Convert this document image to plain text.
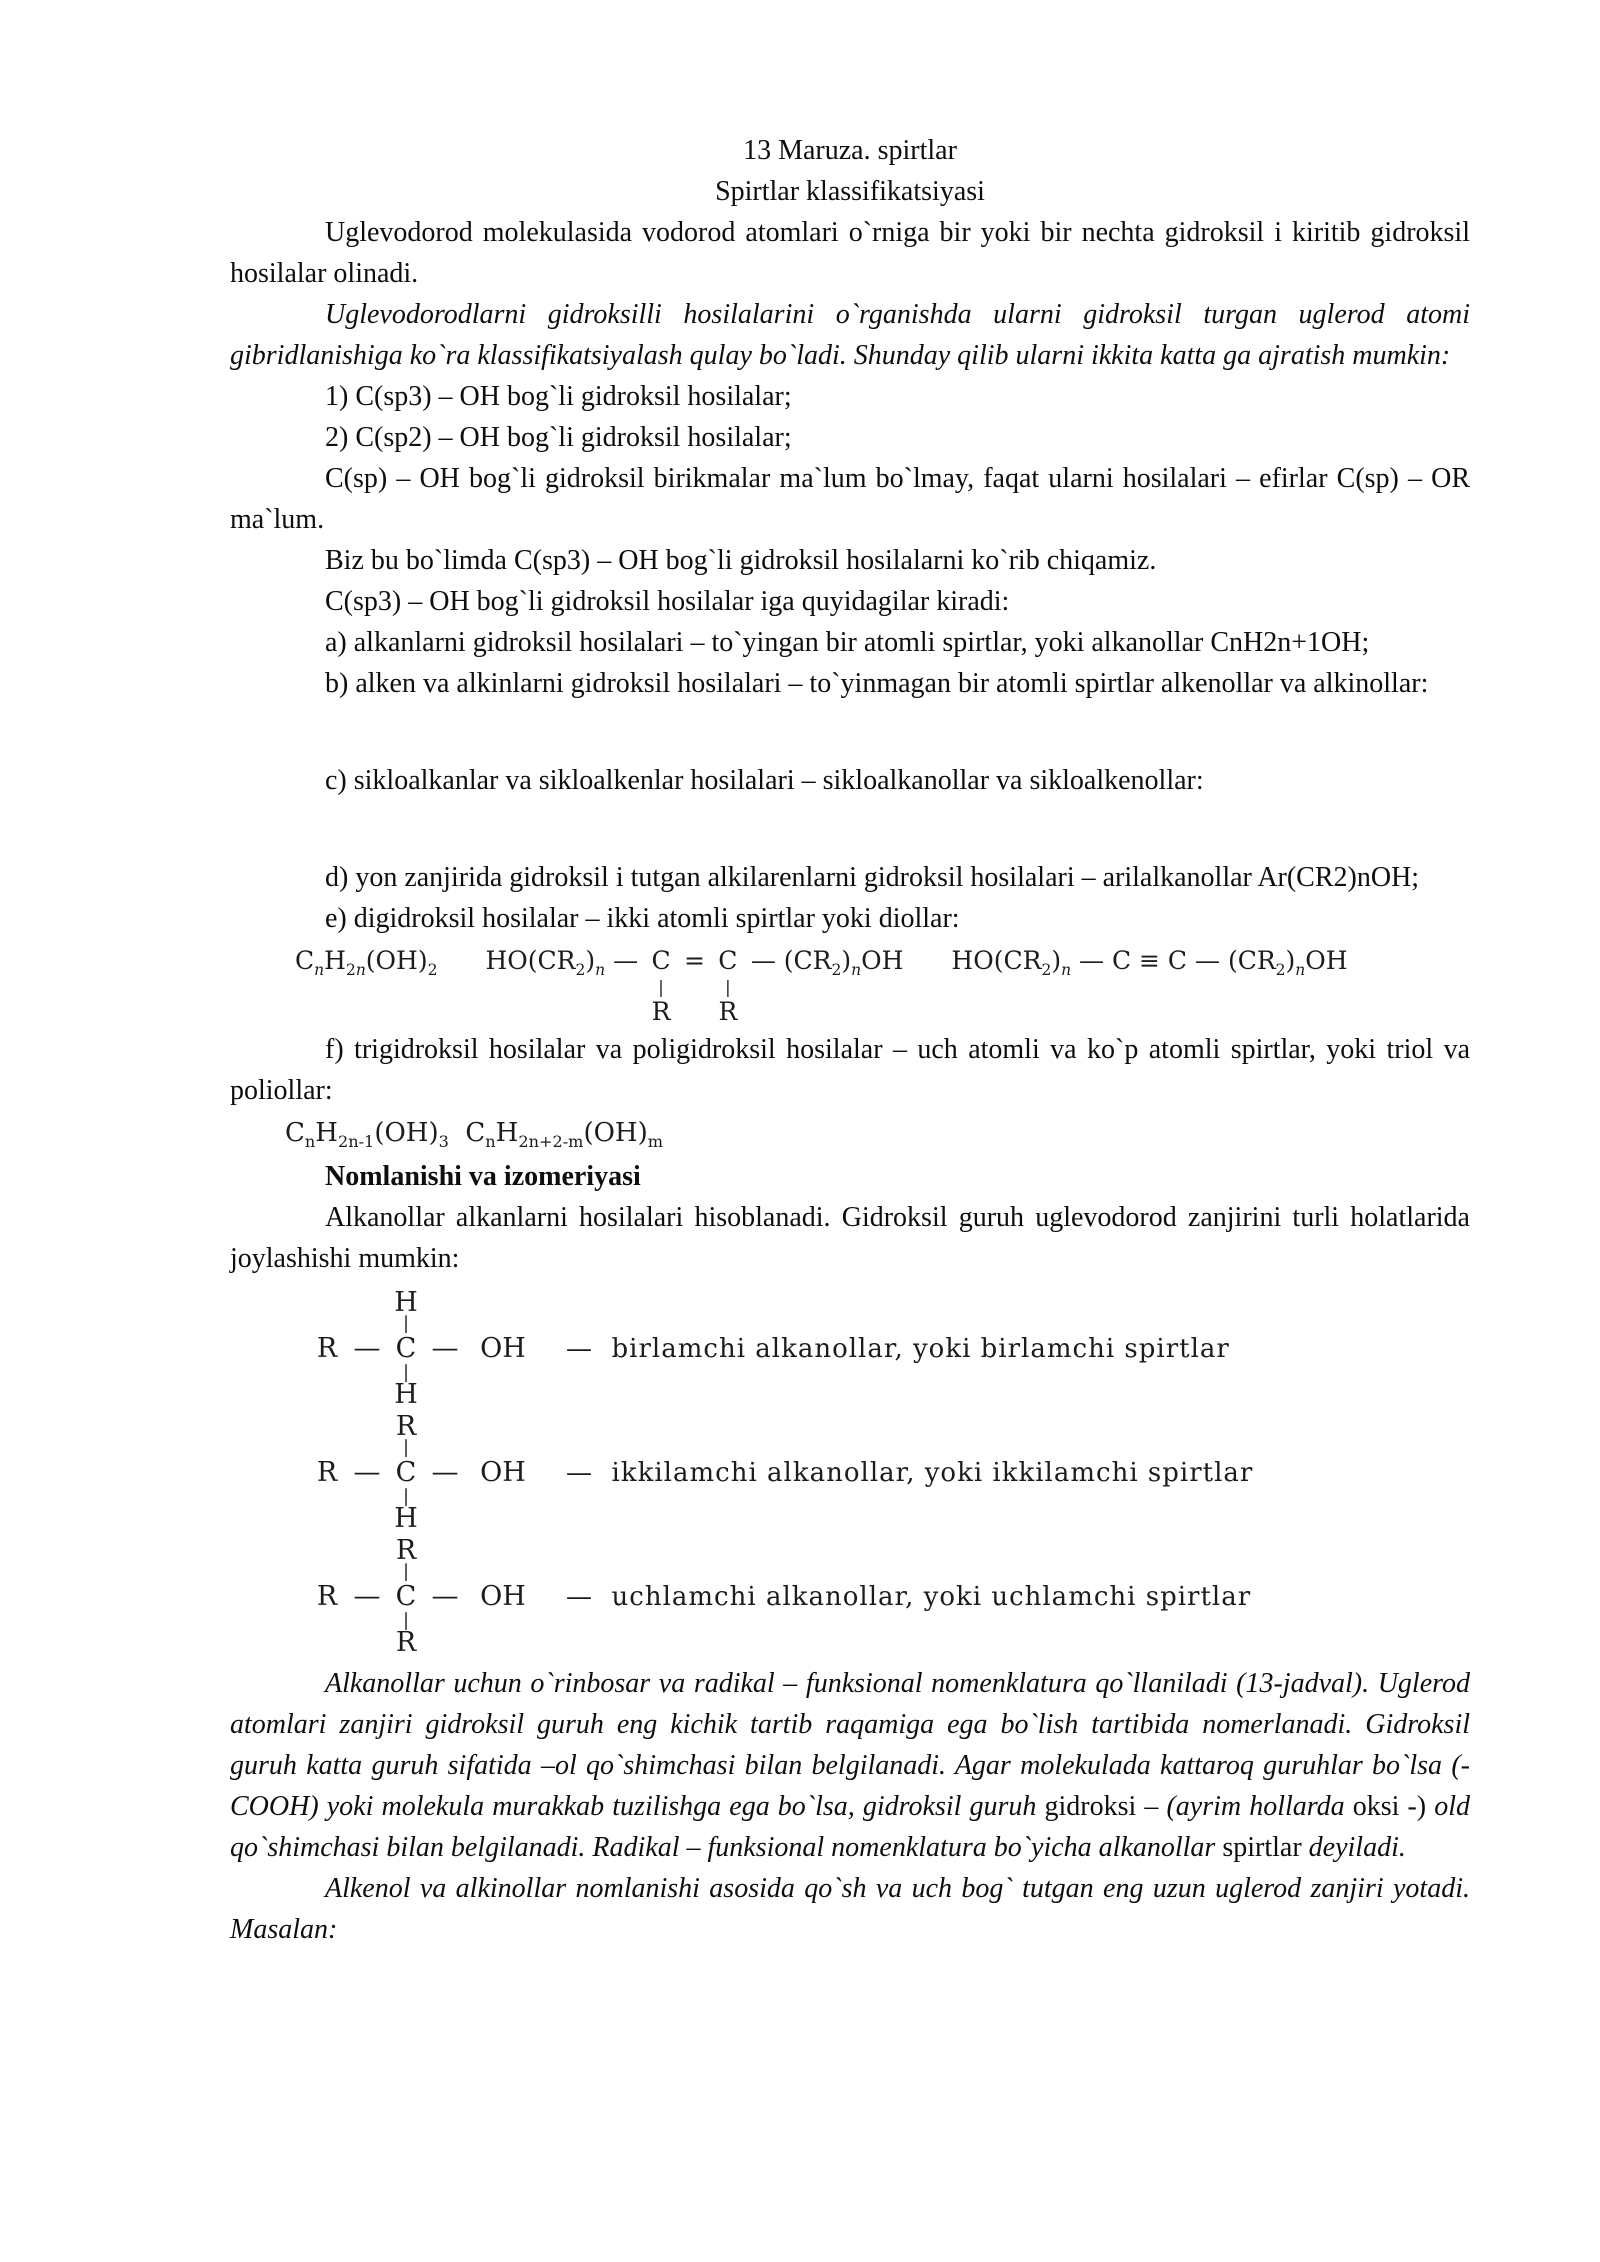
13 Maruza. spirtlar
Spirtlar klassifikatsiyasi

Uglevodorod molekulasida vodorod atomlari o`rniga bir yoki bir nechta gidroksil i kiritib gidroksil hosilalar olinadi.

Uglevodorodlarni gidroksilli hosilalarini o`rganishda ularni gidroksil turgan uglerod atomi gibridlanishiga ko`ra klassifikatsiyalash qulay bo`ladi. Shunday qilib ularni ikkita katta ga ajratish mumkin:

1) C(sp3) – OH bog`li gidroksil hosilalar;

2) C(sp2) – OH bog`li gidroksil hosilalar;

C(sp) – OH bog`li gidroksil birikmalar ma`lum bo`lmay, faqat ularni hosilalari – efirlar C(sp) – OR ma`lum.

Biz bu bo`limda C(sp3) – OH bog`li gidroksil hosilalarni ko`rib chiqamiz.

C(sp3) – OH bog`li gidroksil hosilalar iga quyidagilar kiradi:

a) alkanlarni gidroksil hosilalari – to`yingan bir atomli spirtlar, yoki alkanollar CnH2n+1OH;

b) alken va alkinlarni gidroksil hosilalari – to`yinmagan bir atomli spirtlar alkenollar va alkinollar:

c) sikloalkanlar va sikloalkenlar hosilalari – sikloalkanollar va sikloalkenollar:

d) yon zanjirida gidroksil i tutgan alkilarenlarni gidroksil hosilalari – arilalkanollar Ar(CR2)nOH;

e) digidroksil hosilalar – ikki atomli spirtlar yoki diollar:

$C_nH_{2n}(OH)_2$ $HO(CR_2)_n$ — C = C — $(CR_2)_nOH$
|	|
R R
$HO(CR_2)_n$ — C ≡ C — $(CR_2)_nOH$

f) trigidroksil hosilalar va poligidroksil hosilalar – uch atomli va ko`p atomli spirtlar, yoki triol va poliollar:

$C_nH_{2n-1}(OH)_3$  $C_nH_{2n+2-m}(OH)_m$

Nomlanishi va izomeriyasi

Alkanollar alkanlarni hosilalari hisoblanadi. Gidroksil guruh uglevodorod zanjirini turli holatlarida joylashishi mumkin:

H
|
R — C — OH —  birlamchi alkanollar, yoki birlamchi spirtlar
|
H
R
|
R — C — OH —  ikkilamchi alkanollar, yoki ikkilamchi spirtlar
|
H
R
|
R — C — OH —  uchlamchi alkanollar, yoki uchlamchi spirtlar
|
R

Alkanollar uchun o`rinbosar va radikal – funksional nomenklatura qo`llaniladi (13-jadval). Uglerod atomlari zanjiri gidroksil guruh eng kichik tartib raqamiga ega bo`lish tartibida nomerlanadi. Gidroksil guruh katta guruh sifatida –ol qo`shimchasi bilan belgilanadi. Agar molekulada kattaroq guruhlar bo`lsa (-COOH) yoki molekula murakkab tuzilishga ega bo`lsa, gidroksil guruh gidroksi – (ayrim hollarda oksi -) old qo`shimchasi bilan belgilanadi. Radikal – funksional nomenklatura bo`yicha alkanollar spirtlar deyiladi.

Alkenol va alkinollar nomlanishi asosida qo`sh va uch bog` tutgan eng uzun uglerod zanjiri yotadi. Masalan:
